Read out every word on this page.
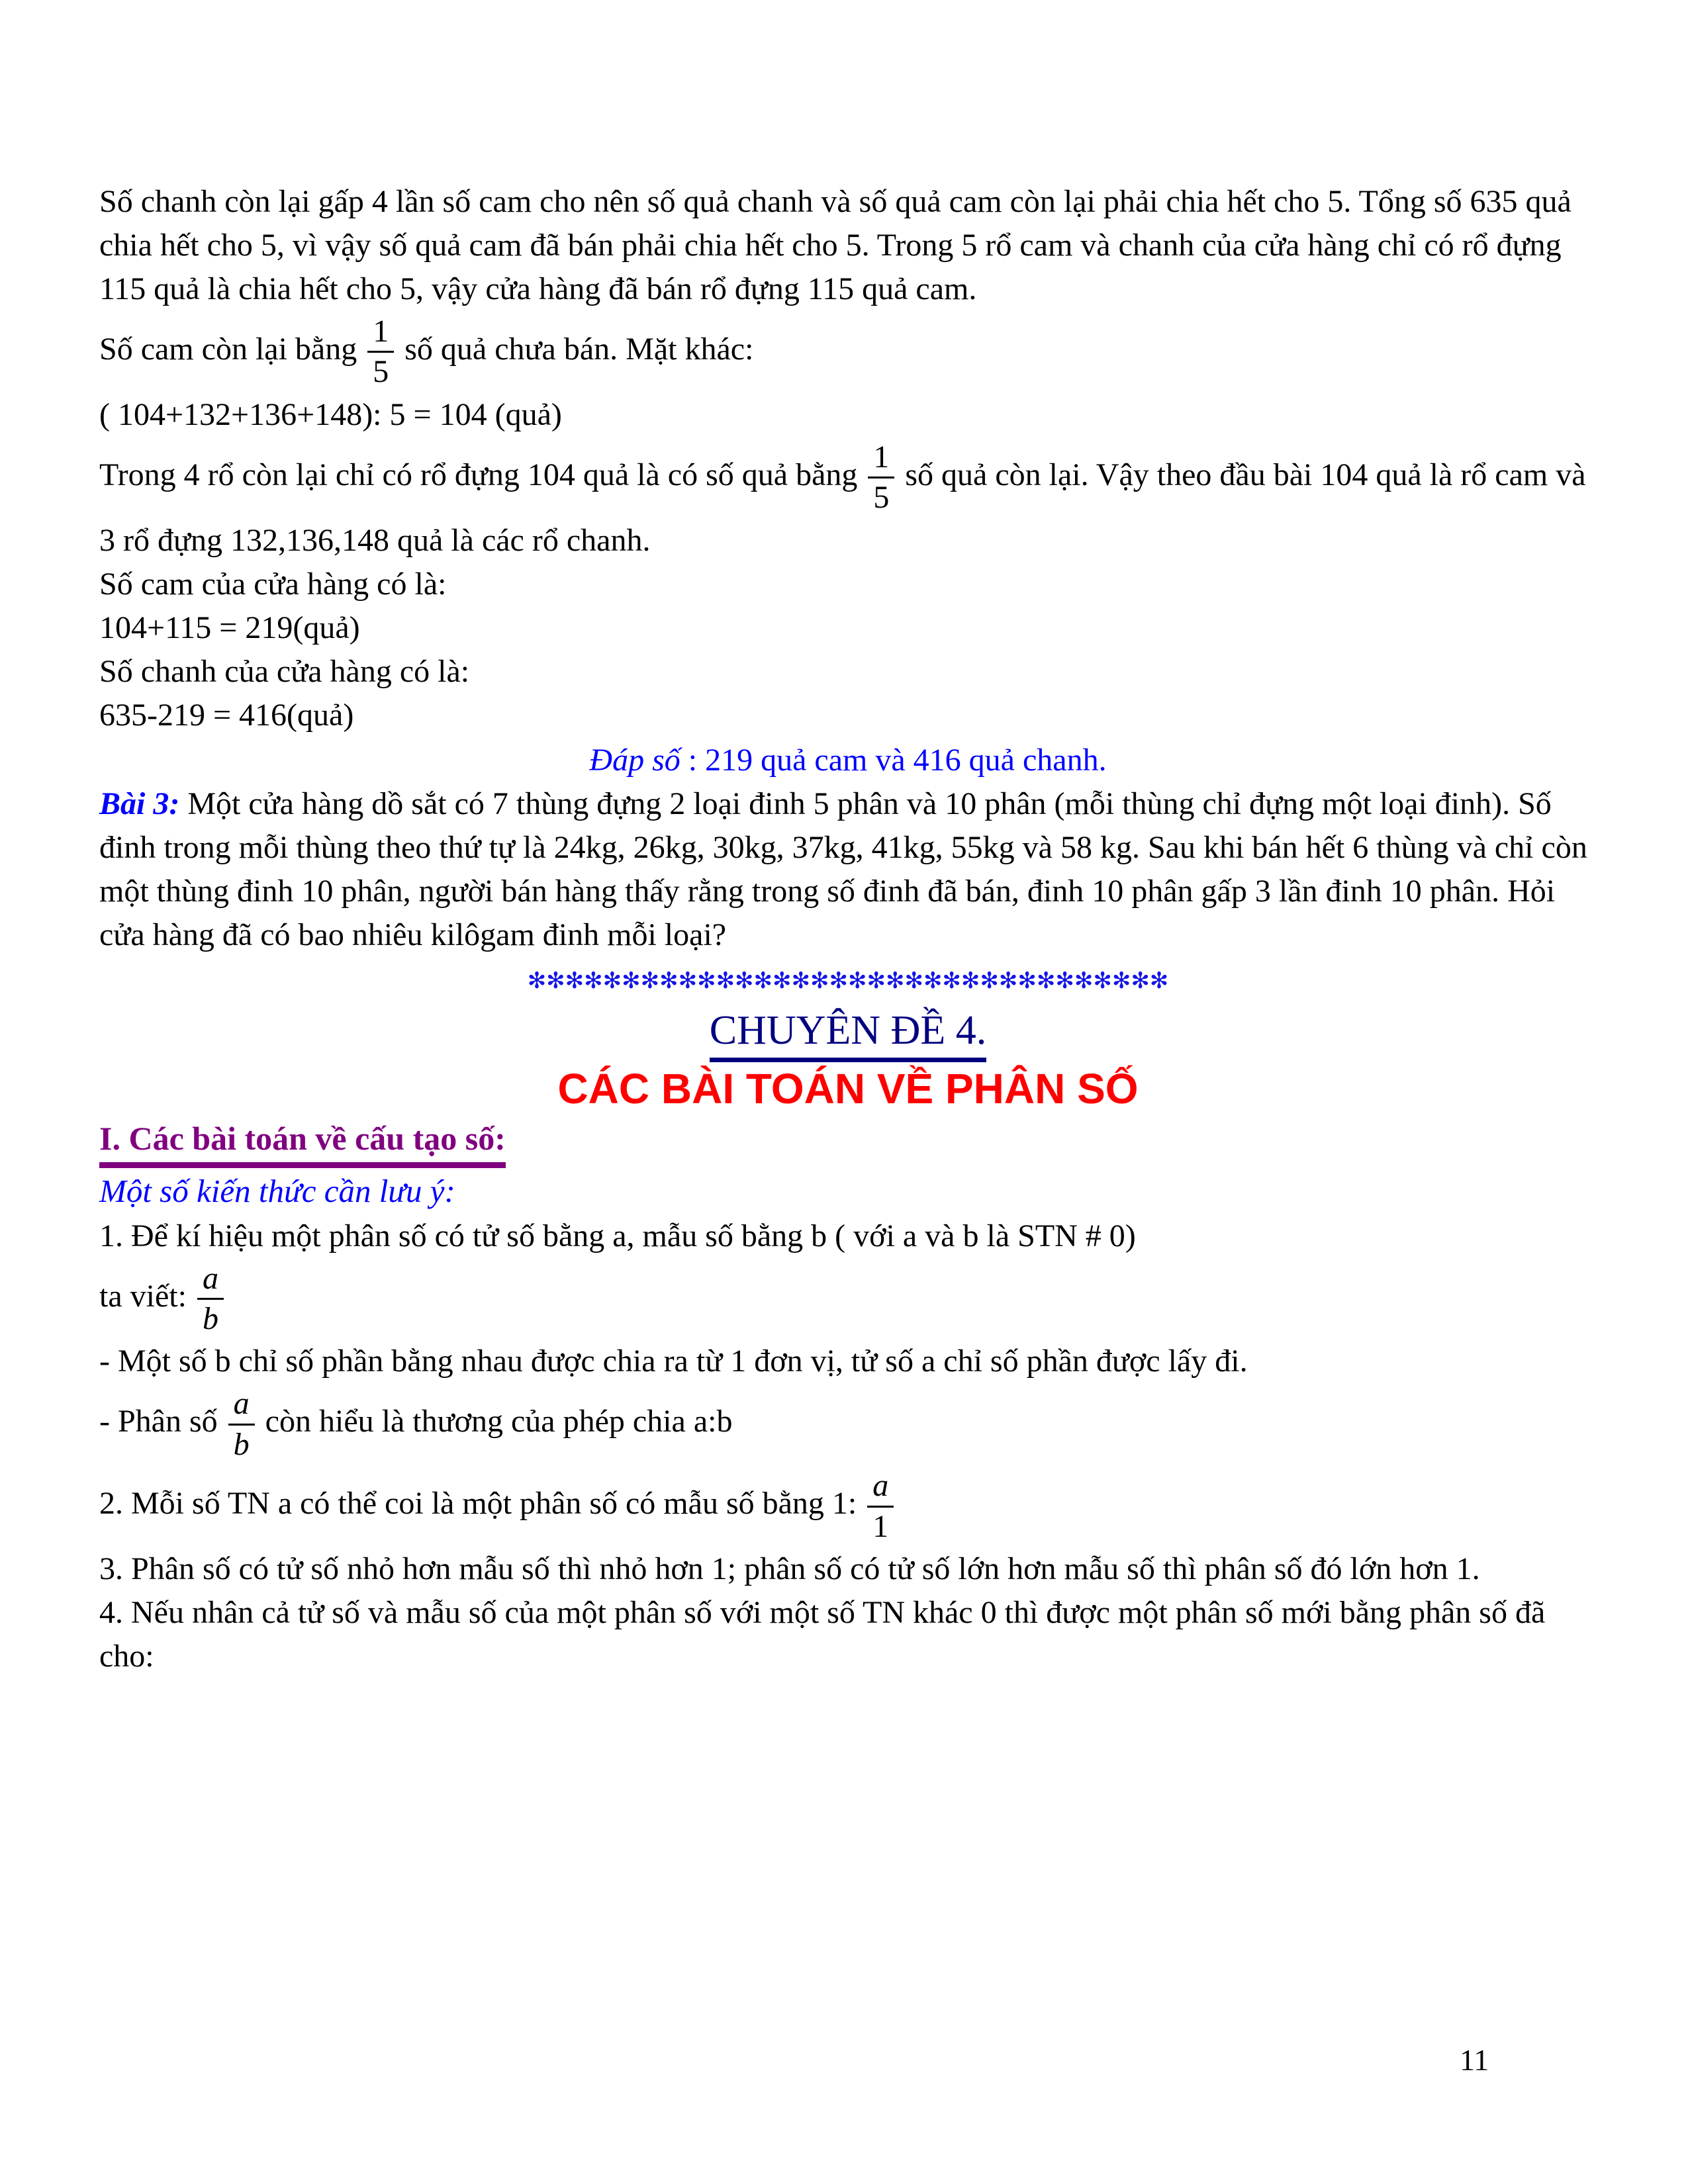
Số chanh còn lại gấp 4 lần số cam cho nên số quả chanh và số quả cam còn lại phải chia hết cho 5. Tổng số 635 quả chia hết cho 5, vì vậy số quả cam đã bán phải chia hết cho 5. Trong 5 rổ cam và chanh của cửa hàng chỉ có rổ đựng 115 quả là chia hết cho 5, vậy cửa hàng đã bán rổ đựng 115 quả cam.

Số cam còn lại bằng $\frac{1}{5}$ số quả chưa bán. Mặt khác:
( 104+132+136+148): 5 = 104 (quả)

Trong 4 rổ còn lại chỉ có rổ đựng 104 quả là có số quả bằng $\frac{1}{5}$ số quả còn lại. Vậy theo đầu bài 104 quả là rổ cam và 3 rổ đựng 132,136,148 quả là các rổ chanh.

Số cam của cửa hàng có là:
104+115 = 219(quả)
Số chanh của cửa hàng có là:
635-219 = 416(quả)
Đáp số : 219 quả cam và 416 quả chanh.

Bài 3: Một cửa hàng dồ sắt có 7 thùng đựng 2 loại đinh 5 phân và 10 phân (mỗi thùng chỉ đựng một loại đinh). Số đinh trong mỗi thùng theo thứ tự là 24kg, 26kg, 30kg, 37kg, 41kg, 55kg và 58 kg. Sau khi bán hết 6 thùng và chỉ còn một thùng đinh 10 phân, người bán hàng thấy rằng trong số đinh đã bán, đinh 10 phân gấp 3 lần đinh 10 phân. Hỏi cửa hàng đã có bao nhiêu kilôgam đinh mỗi loại?

✻✻✻✻✻✻✻✻✻✻✻✻✻✻✻✻✻✻✻✻✻✻✻✻✻✻✻✻✻✻✻✻✻✻
CHUYÊN ĐỀ 4.
CÁC BÀI TOÁN VỀ PHÂN SỐ
I. Các bài toán về cấu tạo số:
Một số kiến thức cần lưu ý:

1. Để kí hiệu một phân số có tử số bằng a, mẫu số bằng b ( với a và b là STN # 0)

ta viết: $\frac{a}{b}$

- Một số b chỉ số phần bằng nhau được chia ra từ 1 đơn vị, tử số a chỉ số phần được lấy đi.

- Phân số $\frac{a}{b}$ còn hiểu là thương của phép chia a:b
2. Mỗi số TN a có thể coi là một phân số có mẫu số bằng 1: $\frac{a}{1}$

3. Phân số có tử số nhỏ hơn mẫu số thì nhỏ hơn 1; phân số có tử số lớn hơn mẫu số thì phân số đó lớn hơn 1.

4. Nếu nhân cả tử số và mẫu số của một phân số với một số TN khác 0 thì được một phân số mới bằng phân số đã cho:

11
